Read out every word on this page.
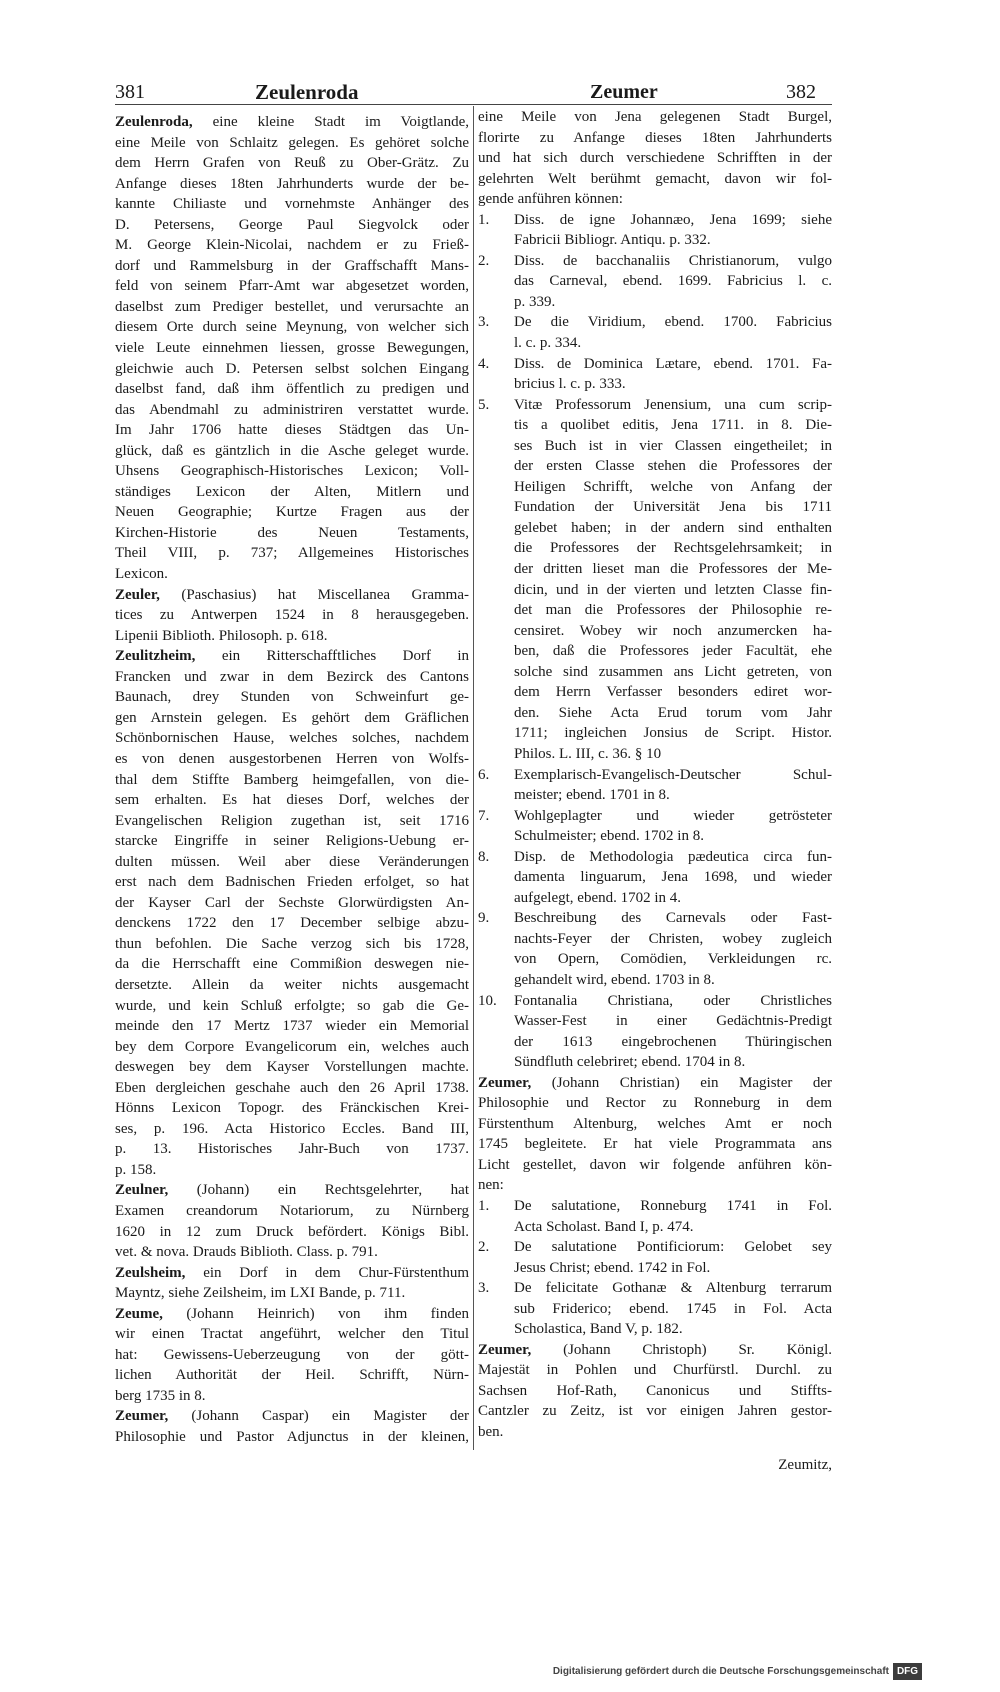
381	Zeulenroda	Zeumer	382
Zeulenroda, eine kleine Stadt im Voigtlande,
eine Meile von Schlaitz gelegen. Es gehöret solche
dem Herrn Grafen von Reuß zu Ober-Grätz. Zu
Anfange dieses 18ten Jahrhunderts wurde der be-
kannte Chiliaste und vornehmste Anhänger des
D. Petersens, George Paul Siegvolck oder
M. George Klein-Nicolai, nachdem er zu Frieß-
dorf und Rammelsburg in der Graffschafft Mans-
feld von seinem Pfarr-Amt war abgesetzet worden,
daselbst zum Prediger bestellet, und verursachte an
diesem Orte durch seine Meynung, von welcher sich
viele Leute einnehmen liessen, grosse Bewegungen,
gleichwie auch D. Petersen selbst solchen Eingang
daselbst fand, daß ihm öffentlich zu predigen und
das Abendmahl zu administriren verstattet wurde.
Im Jahr 1706 hatte dieses Städtgen das Un-
glück, daß es gäntzlich in die Asche geleget wurde.
Uhsens Geographisch-Historisches Lexicon; Voll-
ständiges Lexicon der Alten, Mitlern und
Neuen Geographie; Kurtze Fragen aus der
Kirchen-Historie des Neuen Testaments,
Theil VIII, p. 737; Allgemeines Historisches
Lexicon.
Zeuler, (Paschasius) hat Miscellanea Gramma-
tices zu Antwerpen 1524 in 8 herausgegeben.
Lipenii Biblioth. Philosoph. p. 618.
Zeulitzheim, ein Ritterschafftliches Dorf in
Francken und zwar in dem Bezirck des Cantons
Baunach, drey Stunden von Schweinfurt ge-
gen Arnstein gelegen. Es gehört dem Gräflichen
Schönbornischen Hause, welches solches, nachdem
es von denen ausgestorbenen Herren von Wolfs-
thal dem Stiffte Bamberg heimgefallen, von die-
sem erhalten. Es hat dieses Dorf, welches der
Evangelischen Religion zugethan ist, seit 1716
starcke Eingriffe in seiner Religions-Uebung er-
dulten müssen. Weil aber diese Veränderungen
erst nach dem Badnischen Frieden erfolget, so hat
der Kayser Carl der Sechste Glorwürdigsten An-
denckens 1722 den 17 December selbige abzu-
thun befohlen. Die Sache verzog sich bis 1728,
da die Herrschafft eine Commißion deswegen nie-
dersetzte. Allein da weiter nichts ausgemacht
wurde, und kein Schluß erfolgte; so gab die Ge-
meinde den 17 Mertz 1737 wieder ein Memorial
bey dem Corpore Evangelicorum ein, welches auch
deswegen bey dem Kayser Vorstellungen machte.
Eben dergleichen geschahe auch den 26 April 1738.
Hönns Lexicon Topogr. des Fränckischen Krei-
ses, p. 196. Acta Historico Eccles. Band III,
p. 13. Historisches Jahr-Buch von 1737.
p. 158.
Zeulner, (Johann) ein Rechtsgelehrter, hat
Examen creandorum Notariorum, zu Nürnberg
1620 in 12 zum Druck befördert. Königs Bibl.
vet. & nova. Drauds Biblioth. Class. p. 791.
Zeulsheim, ein Dorf in dem Chur-Fürstenthum
Mayntz, siehe Zeilsheim, im LXI Bande, p. 711.
Zeume, (Johann Heinrich) von ihm finden
wir einen Tractat angeführt, welcher den Titul
hat: Gewissens-Ueberzeugung von der gött-
lichen Authorität der Heil. Schrifft, Nürn-
berg 1735 in 8.
Zeumer, (Johann Caspar) ein Magister der
Philosophie und Pastor Adjunctus in der kleinen,
eine Meile von Jena gelegenen Stadt Burgel,
florirte zu Anfange dieses 18ten Jahrhunderts
und hat sich durch verschiedene Schrifften in der
gelehrten Welt berühmt gemacht, davon wir fol-
gende anführen können:
1.	Diss. de igne Johannæo, Jena 1699; siehe
Fabricii Bibliogr. Antiqu. p. 332.
2.	Diss. de bacchanaliis Christianorum, vulgo
das Carneval, ebend. 1699. Fabricius l. c.
p. 339.
3.	De die Viridium, ebend. 1700. Fabricius
l. c. p. 334.
4.	Diss. de Dominica Lætare, ebend. 1701. Fa-
bricius l. c. p. 333.
5.	Vitæ Professorum Jenensium, una cum scrip-
tis a quolibet editis, Jena 1711. in 8. Die-
ses Buch ist in vier Classen eingetheilet; in
der ersten Classe stehen die Professores der
Heiligen Schrifft, welche von Anfang der
Fundation der Universität Jena bis 1711
gelebet haben; in der andern sind enthalten
die Professores der Rechtsgelehrsamkeit; in
der dritten lieset man die Professores der Me-
dicin, und in der vierten und letzten Classe fin-
det man die Professores der Philosophie re-
censiret. Wobey wir noch anzumercken ha-
ben, daß die Professores jeder Facultät, ehe
solche sind zusammen ans Licht getreten, von
dem Herrn Verfasser besonders ediret wor-
den. Siehe Acta Erud torum vom Jahr
1711; ingleichen Jonsius de Script. Histor.
Philos. L. III, c. 36. § 10
6.	Exemplarisch-Evangelisch-Deutscher Schul-
meister; ebend. 1701 in 8.
7.	Wohlgeplagter und wieder getrösteter
Schulmeister; ebend. 1702 in 8.
8.	Disp. de Methodologia pædeutica circa fun-
damenta linguarum, Jena 1698, und wieder
aufgelegt, ebend. 1702 in 4.
9.	Beschreibung des Carnevals oder Fast-
nachts-Feyer der Christen, wobey zugleich
von Opern, Comödien, Verkleidungen rc.
gehandelt wird, ebend. 1703 in 8.
10.	Fontanalia Christiana, oder Christliches
Wasser-Fest in einer Gedächtnis-Predigt
der 1613 eingebrochenen Thüringischen
Sündfluth celebriret; ebend. 1704 in 8.
Zeumer, (Johann Christian) ein Magister der
Philosophie und Rector zu Ronneburg in dem
Fürstenthum Altenburg, welches Amt er noch
1745 begleitete. Er hat viele Programmata ans
Licht gestellet, davon wir folgende anführen kön-
nen:
1.	De salutatione, Ronneburg 1741 in Fol.
Acta Scholast. Band I, p. 474.
2.	De salutatione Pontificiorum: Gelobet sey
Jesus Christ; ebend. 1742 in Fol.
3.	De felicitate Gothanæ & Altenburg terrarum
sub Friderico; ebend. 1745 in Fol. Acta
Scholastica, Band V, p. 182.
Zeumer, (Johann Christoph) Sr. Königl.
Majestät in Pohlen und Churfürstl. Durchl. zu
Sachsen Hof-Rath, Canonicus und Stiffts-
Cantzler zu Zeitz, ist vor einigen Jahren gestor-
ben.
Zeumitz,
Digitalisierung gefördert durch die Deutsche Forschungsgemeinschaft DFG
